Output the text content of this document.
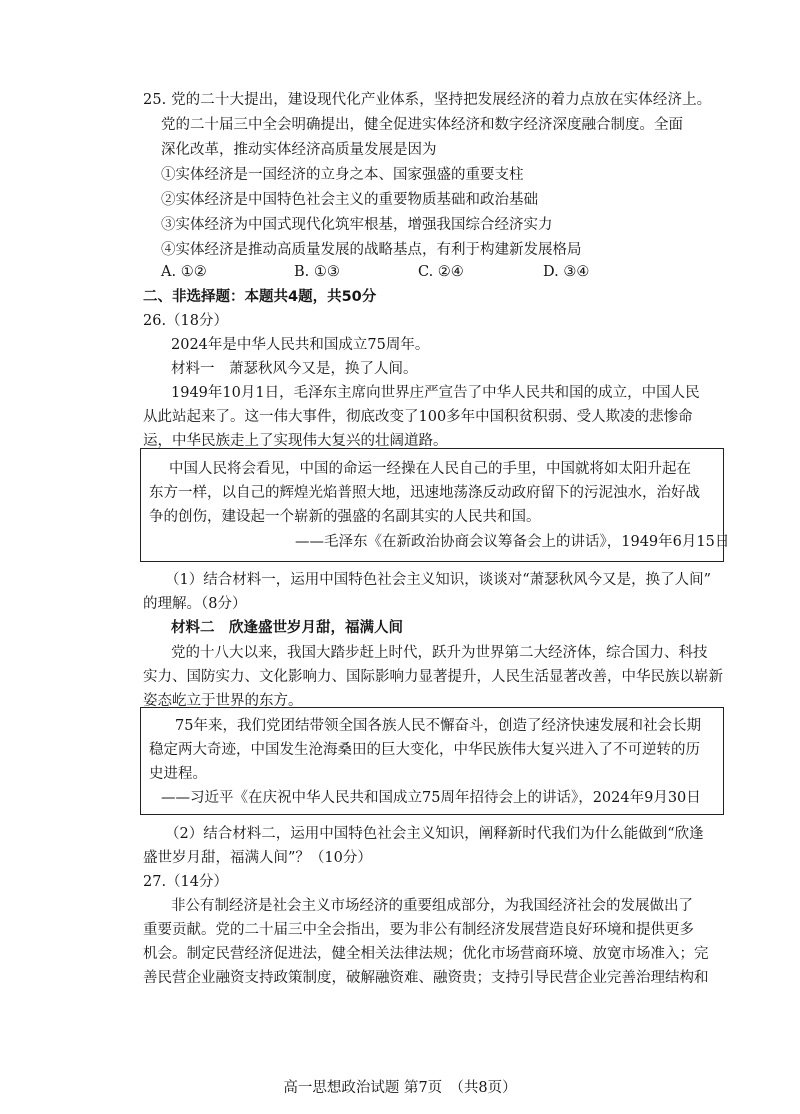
25. 党的二十大提出，建设现代化产业体系，坚持把发展经济的着力点放在实体经济上。
党的二十届三中全会明确提出，健全促进实体经济和数字经济深度融合制度。全面
深化改革，推动实体经济高质量发展是因为
①实体经济是一国经济的立身之本、国家强盛的重要支柱
②实体经济是中国特色社会主义的重要物质基础和政治基础
③实体经济为中国式现代化筑牢根基，增强我国综合经济实力
④实体经济是推动高质量发展的战略基点，有利于构建新发展格局
A. ①②	B. ①③	C. ②④	D. ③④
二、非选择题：本题共4题，共50分
26.（18分）
2024年是中华人民共和国成立75周年。
材料一　萧瑟秋风今又是，换了人间。
1949年10月1日，毛泽东主席向世界庄严宣告了中华人民共和国的成立，中国人民
从此站起来了。这一伟大事件，彻底改变了100多年中国积贫积弱、受人欺凌的悲惨命
运，中华民族走上了实现伟大复兴的壮阔道路。
中国人民将会看见，中国的命运一经操在人民自己的手里，中国就将如太阳升起在
东方一样，以自己的辉煌光焰普照大地，迅速地荡涤反动政府留下的污泥浊水，治好战
争的创伤，建设起一个崭新的强盛的名副其实的人民共和国。
——毛泽东《在新政治协商会议筹备会上的讲话》，1949年6月15日
（1）结合材料一，运用中国特色社会主义知识，谈谈对“萧瑟秋风今又是，换了人间”
的理解。（8分）
材料二　欣逢盛世岁月甜，福满人间
党的十八大以来，我国大踏步赶上时代，跃升为世界第二大经济体，综合国力、科技
实力、国防实力、文化影响力、国际影响力显著提升，人民生活显著改善，中华民族以崭新
姿态屹立于世界的东方。
75年来，我们党团结带领全国各族人民不懈奋斗，创造了经济快速发展和社会长期
稳定两大奇迹，中国发生沧海桑田的巨大变化，中华民族伟大复兴进入了不可逆转的历
史进程。
——习近平《在庆祝中华人民共和国成立75周年招待会上的讲话》，2024年9月30日
（2）结合材料二，运用中国特色社会主义知识，阐释新时代我们为什么能做到“欣逢
盛世岁月甜，福满人间”？（10分）
27.（14分）
非公有制经济是社会主义市场经济的重要组成部分，为我国经济社会的发展做出了
重要贡献。党的二十届三中全会指出，要为非公有制经济发展营造良好环境和提供更多
机会。制定民营经济促进法，健全相关法律法规；优化市场营商环境、放宽市场准入；完
善民营企业融资支持政策制度，破解融资难、融资贵；支持引导民营企业完善治理结构和
高一思想政治试题 第7页　（共8页）
